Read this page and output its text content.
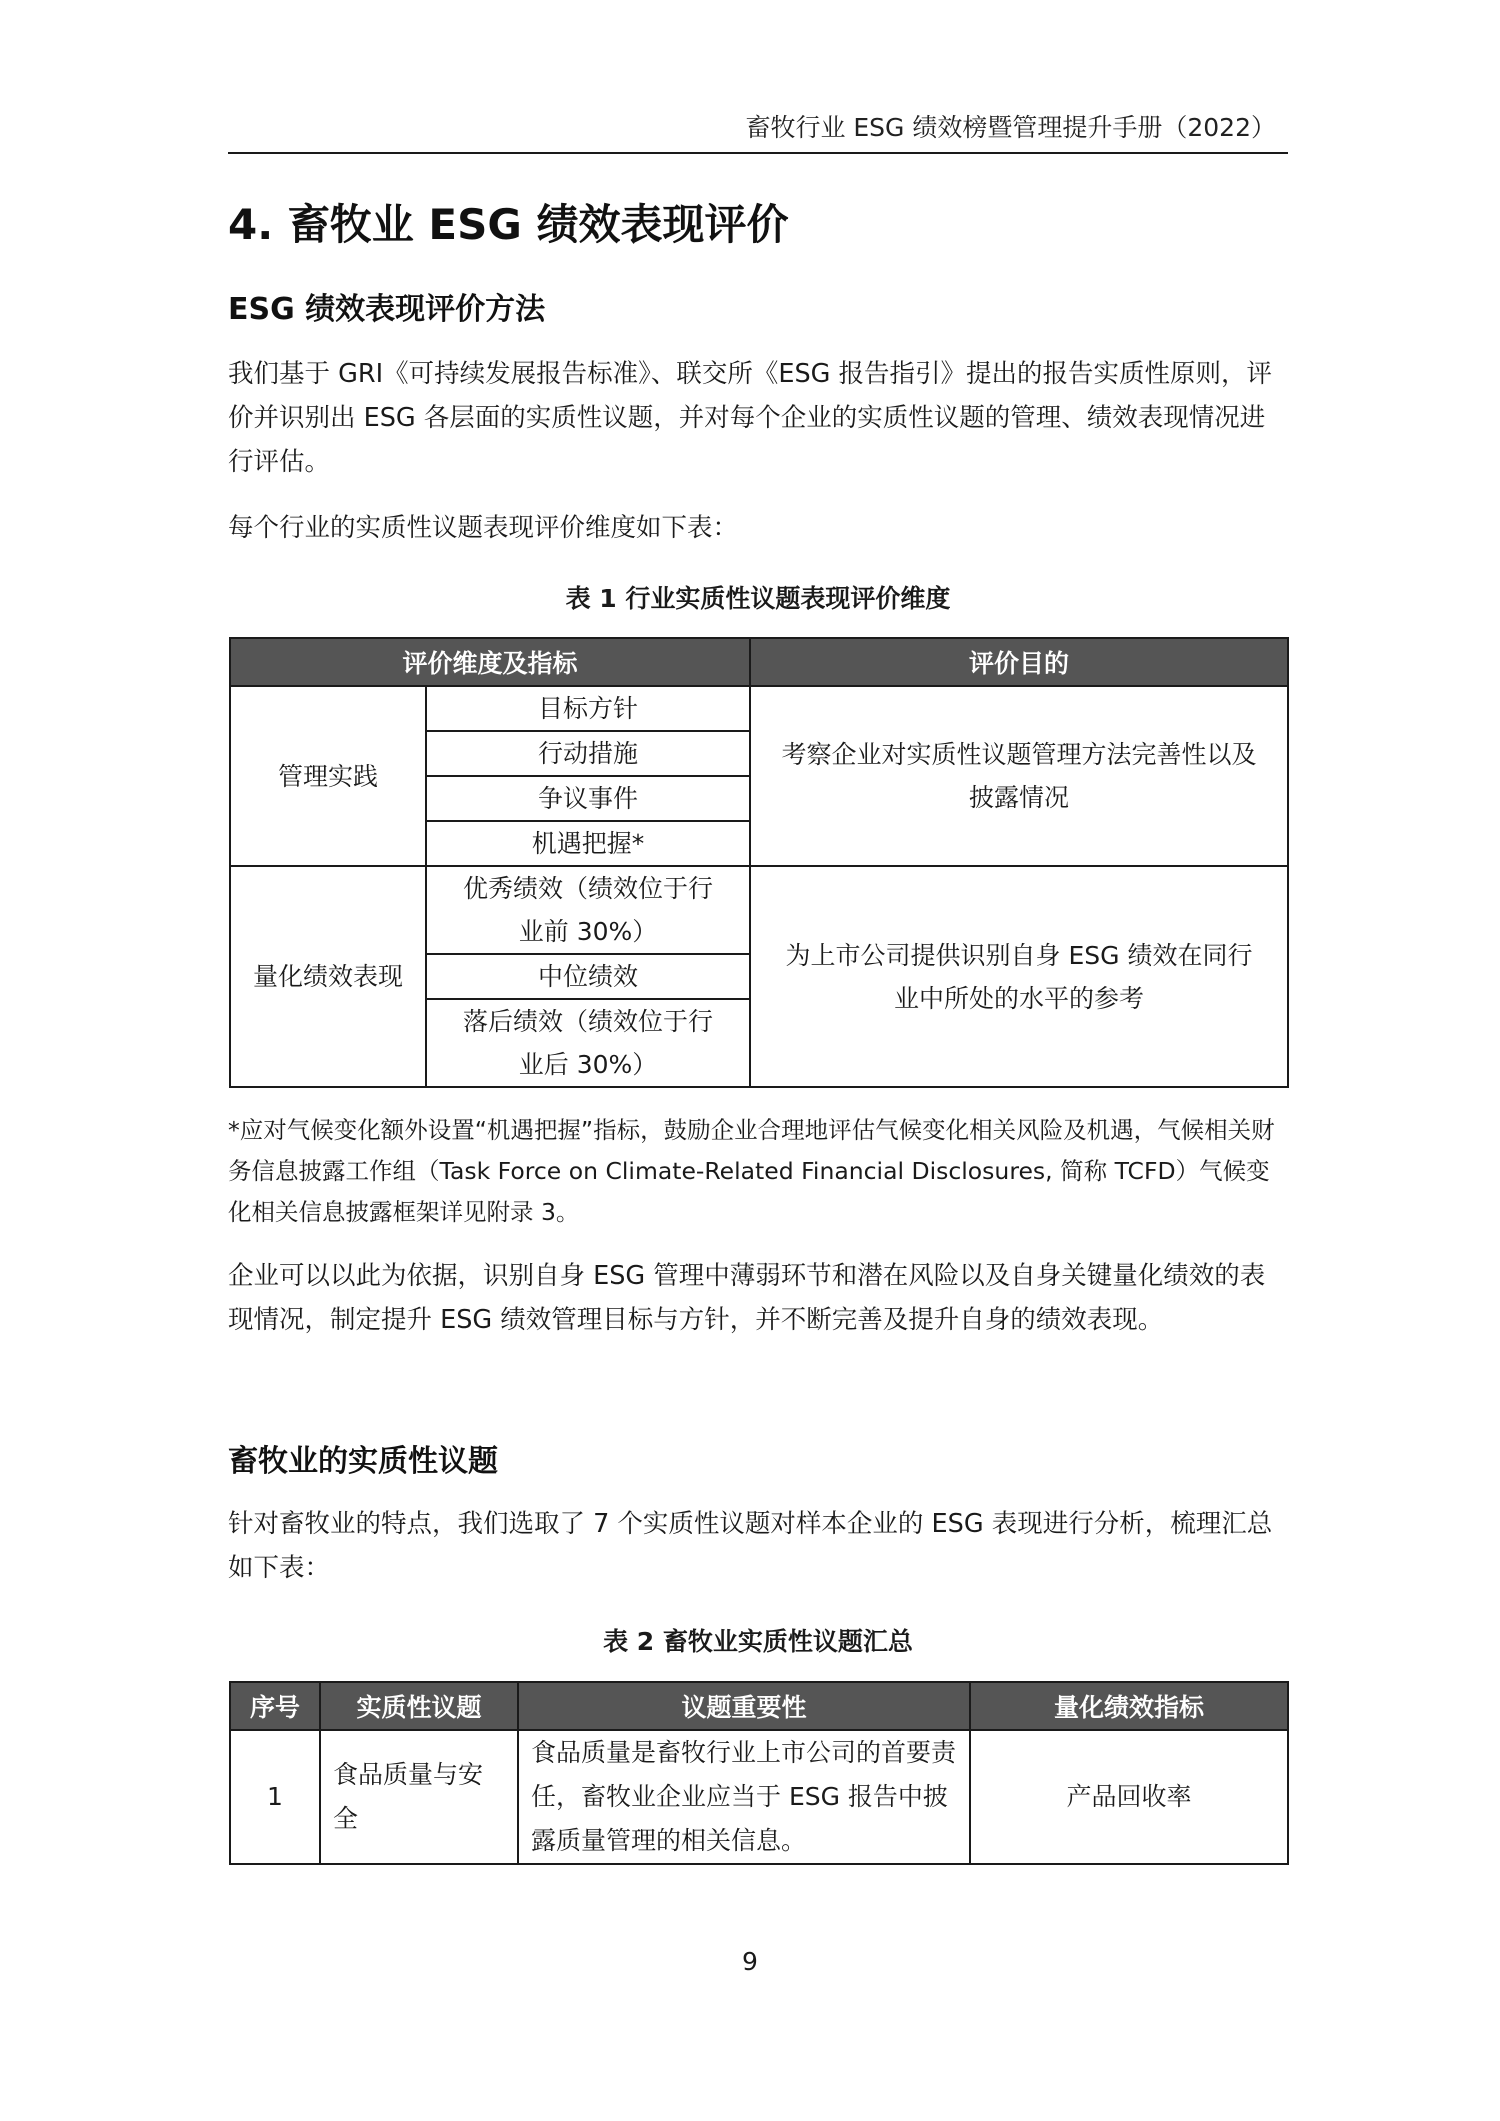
畜牧行业 ESG 绩效榜暨管理提升手册（2022）
4. 畜牧业 ESG 绩效表现评价
ESG 绩效表现评价方法

我们基于 GRI《可持续发展报告标准》、联交所《ESG 报告指引》提出的报告实质性原则，评价并识别出 ESG 各层面的实质性议题，并对每个企业的实质性议题的管理、绩效表现情况进行评估。

每个行业的实质性议题表现评价维度如下表：

表 1 行业实质性议题表现评价维度

评价维度及指标		评价目的
管理实践	目标方针	考察企业对实质性议题管理方法完善性以及披露情况
	行动措施	
	争议事件	
	机遇把握*	
量化绩效表现	优秀绩效（绩效位于行业前 30%）	为上市公司提供识别自身 ESG 绩效在同行业中所处的水平的参考
	中位绩效	
	落后绩效（绩效位于行业后 30%）	

*应对气候变化额外设置“机遇把握”指标，鼓励企业合理地评估气候变化相关风险及机遇，气候相关财务信息披露工作组（Task Force on Climate-Related Financial Disclosures, 简称 TCFD）气候变化相关信息披露框架详见附录 3。

企业可以以此为依据，识别自身 ESG 管理中薄弱环节和潜在风险以及自身关键量化绩效的表现情况，制定提升 ESG 绩效管理目标与方针，并不断完善及提升自身的绩效表现。

畜牧业的实质性议题

针对畜牧业的特点，我们选取了 7 个实质性议题对样本企业的 ESG 表现进行分析，梳理汇总如下表：

表 2 畜牧业实质性议题汇总

序号	实质性议题	议题重要性	量化绩效指标
1	食品质量与安全	食品质量是畜牧行业上市公司的首要责任，畜牧业企业应当于 ESG 报告中披露质量管理的相关信息。	产品回收率
9
